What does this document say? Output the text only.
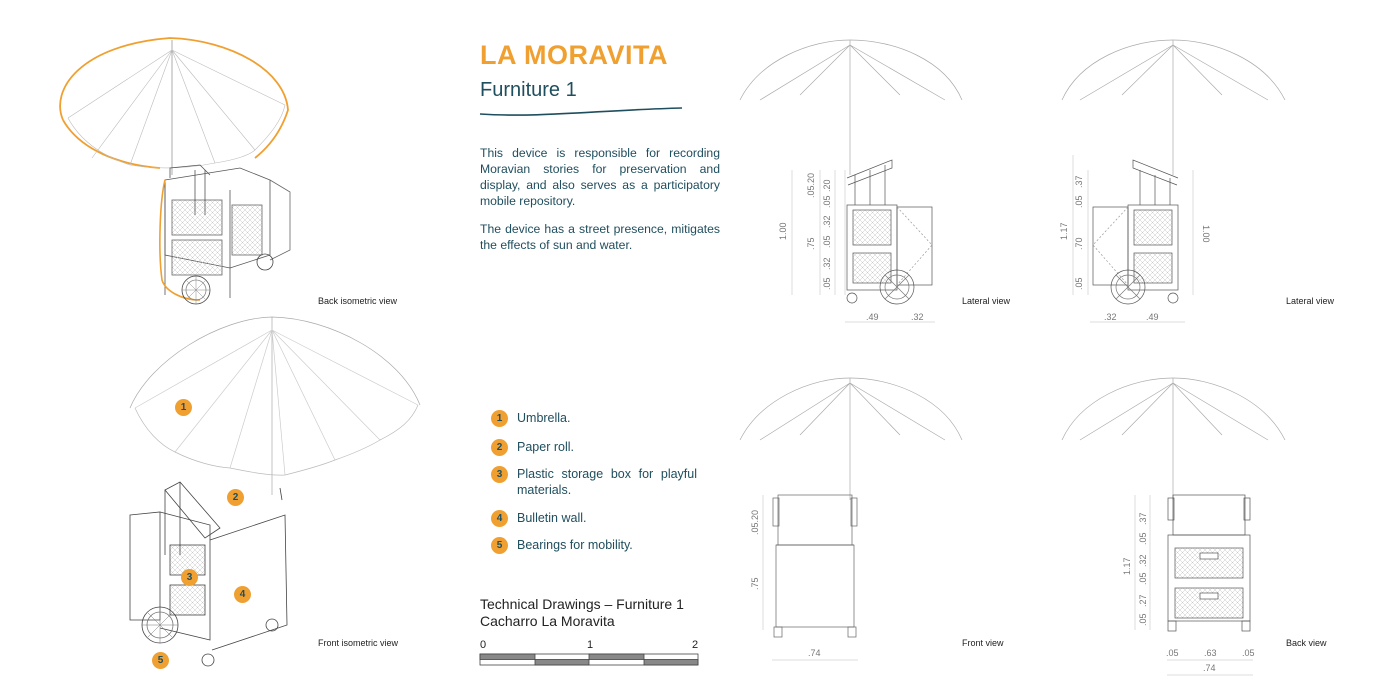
1.00
.05.20
.75
.20
.05
.32
.05
.32
.05
.49	.32
1.17	1.00
.37
.05
.70
.05
.32	.49
.05.20
.75
.74
1.17
.37
.05
.32
.05
.27
.05
.05	.63	.05
.74
LA MORAVITA
Furniture 1
This device is responsible for recording Moravian stories for preservation and display, and also serves as a participatory mobile repository.
The device has a street presence, mitigates the effects of sun and water.
1	Umbrella.
2	Paper roll.
3	Plastic storage box for playful materials.
4	Bulletin wall.
5	Bearings for mobility.
1
2
3
4
5
Technical Drawings – Furniture 1
Cacharro La Moravita
0	1	2
Back isometric view
Front isometric view
Lateral view	Lateral view
Front view	Back view
